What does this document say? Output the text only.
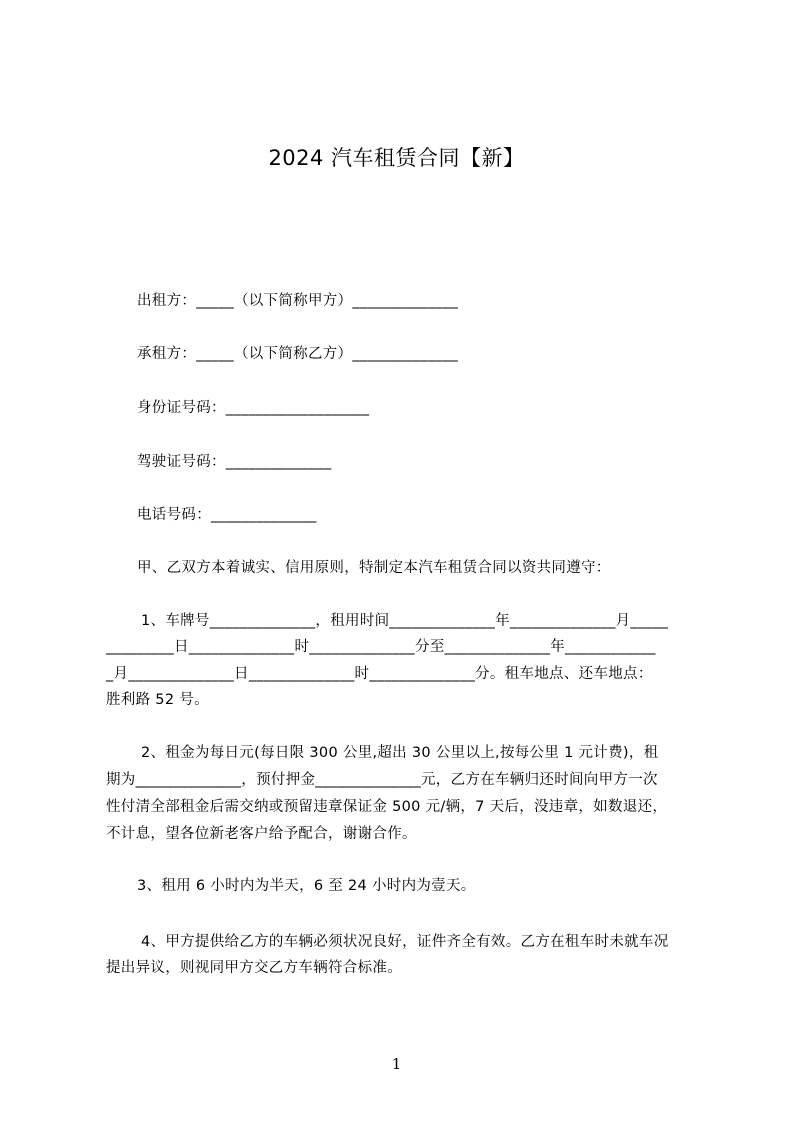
2024 汽车租赁合同【新】
出租方：_____（以下简称甲方）______________
承租方：_____（以下简称乙方）______________
身份证号码：___________________
驾驶证号码：______________
电话号码：______________
甲、乙双方本着诚实、信用原则，特制定本汽车租赁合同以资共同遵守：
1、车牌号______________，租用时间______________年______________月_____
_________日______________时______________分至______________年____________
_月______________日______________时______________分。租车地点、还车地点：
胜利路 52 号。
2、租金为每日元(每日限 300 公里,超出 30 公里以上,按每公里 1 元计费)，租
期为______________，预付押金______________元，乙方在车辆归还时间向甲方一次
性付清全部租金后需交纳或预留违章保证金 500 元/辆，7 天后，没违章，如数退还，
不计息，望各位新老客户给予配合，谢谢合作。
3、租用 6 小时内为半天，6 至 24 小时内为壹天。
4、甲方提供给乙方的车辆必须状况良好，证件齐全有效。乙方在租车时未就车况
提出异议，则视同甲方交乙方车辆符合标准。
1
